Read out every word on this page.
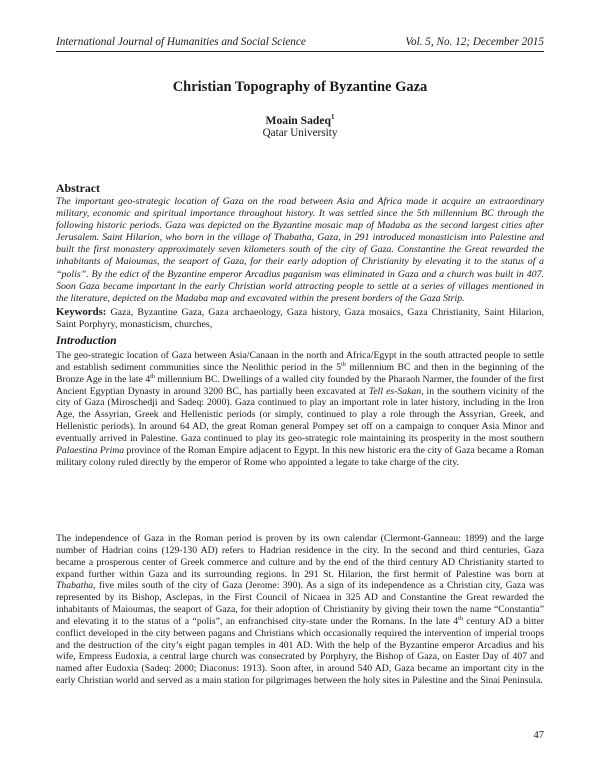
International Journal of Humanities and Social Science	Vol. 5, No. 12; December 2015
Christian Topography of Byzantine Gaza
Moain Sadeq$^1$
Qatar University
Abstract
The important geo-strategic location of Gaza on the road between Asia and Africa made it acquire an extraordinary military, economic and spiritual importance throughout history. It was settled since the 5th millennium BC through the following historic periods. Gaza was depicted on the Byzantine mosaic map of Madaba as the second largest cities after Jerusalem. Saint Hilarion, who born in the village of Thabatha, Gaza, in 291 introduced monasticism into Palestine and built the first monastery approximately seven kilometers south of the city of Gaza. Constantine the Great rewarded the inhabitants of Maioumas, the seaport of Gaza, for their early adoption of Christianity by elevating it to the status of a “polis”. By the edict of the Byzantine emperor Arcadius paganism was eliminated in Gaza and a church was built in 407. Soon Gaza became important in the early Christian world attracting people to settle at a series of villages mentioned in the literature, depicted on the Madaba map and excavated within the present borders of the Gaza Strip.
Keywords: Gaza, Byzantine Gaza, Gaza archaeology, Gaza history, Gaza mosaics, Gaza Christianity, Saint Hilarion, Saint Porphyry, monasticism, churches,
Introduction
The geo-strategic location of Gaza between Asia/Canaan in the north and Africa/Egypt in the south attracted people to settle and establish sediment communities since the Neolithic period in the 5th millennium BC and then in the beginning of the Bronze Age in the late 4th millennium BC. Dwellings of a walled city founded by the Pharaoh Narmer, the founder of the first Ancient Egyptian Dynasty in around 3200 BC, has partially been excavated at Tell es-Sakan, in the southern vicinity of the city of Gaza (Miroschedji and Sadeq: 2000). Gaza continued to play an important role in later history, including in the Iron Age, the Assyrian, Greek and Hellenistic periods (or simply, continued to play a role through the Assyrian, Greek, and Hellenistic periods). In around 64 AD, the great Roman general Pompey set off on a campaign to conquer Asia Minor and eventually arrived in Palestine. Gaza continued to play its geo-strategic role maintaining its prosperity in the most southern Palaestina Prima province of the Roman Empire adjacent to Egypt. In this new historic era the city of Gaza became a Roman military colony ruled directly by the emperor of Rome who appointed a legate to take charge of the city.
The independence of Gaza in the Roman period is proven by its own calendar (Clermont-Ganneau: 1899) and the large number of Hadrian coins (129-130 AD) refers to Hadrian residence in the city. In the second and third centuries, Gaza became a prosperous center of Greek commerce and culture and by the end of the third century AD Christianity started to expand further within Gaza and its surrounding regions. In 291 St. Hilarion, the first hermit of Palestine was born at Thabatha, five miles south of the city of Gaza (Jerome: 390). As a sign of its independence as a Christian city, Gaza was represented by its Bishop, Asclepas, in the First Council of Nicaea in 325 AD and Constantine the Great rewarded the inhabitants of Maioumas, the seaport of Gaza, for their adoption of Christianity by giving their town the name “Constantia” and elevating it to the status of a “polis”, an enfranchised city-state under the Romans. In the late 4th century AD a bitter conflict developed in the city between pagans and Christians which occasionally required the intervention of imperial troops and the destruction of the city’s eight pagan temples in 401 AD. With the help of the Byzantine emperor Arcadius and his wife, Empress Eudoxia, a central large church was consecrated by Porphyry, the Bishop of Gaza, on Easter Day of 407 and named after Eudoxia (Sadeq: 2000; Diaconus: 1913). Soon after, in around 540 AD, Gaza became an important city in the early Christian world and served as a main station for pilgrimages between the holy sites in Palestine and the Sinai Peninsula.
47
